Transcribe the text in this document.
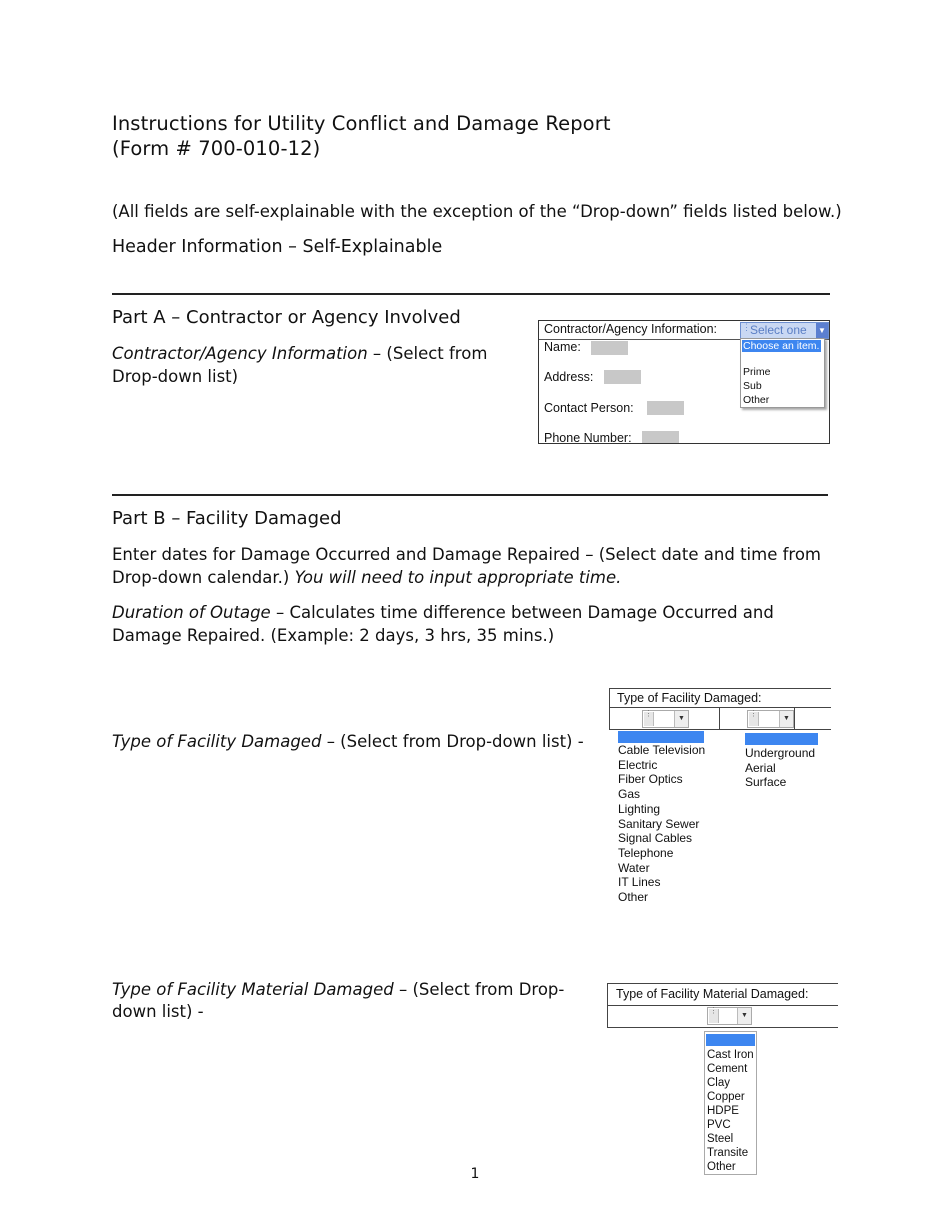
Instructions for Utility Conflict and Damage Report
(Form # 700-010-12)
(All fields are self-explainable with the exception of the “Drop-down” fields listed below.)
Header Information – Self-Explainable
Part A – Contractor or Agency Involved
Contractor/Agency Information – (Select from
Drop-down list)
Contractor/Agency Information:	⋮ Select one ▼
Name:
Address:
Contact Person:
Phone Number:
Choose an item.
Prime
Sub
Other
Part B – Facility Damaged
Enter dates for Damage Occurred and Damage Repaired – (Select date and time from
Drop-down calendar.) You will need to input appropriate time.
Duration of Outage – Calculates time difference between Damage Occurred and
Damage Repaired. (Example: 2 days, 3 hrs, 35 mins.)
Type of Facility Damaged – (Select from Drop-down list) -
Type of Facility Damaged:
⋮
▼
⋮
▼
Cable Television
Electric
Fiber Optics
Gas
Lighting
Sanitary Sewer
Signal Cables
Telephone
Water
IT Lines
Other
Underground
Aerial
Surface
Type of Facility Material Damaged – (Select from Drop-
down list) -
Type of Facility Material Damaged:
⋮
▼
Cast Iron
Cement
Clay
Copper
HDPE
PVC
Steel
Transite
Other
1
